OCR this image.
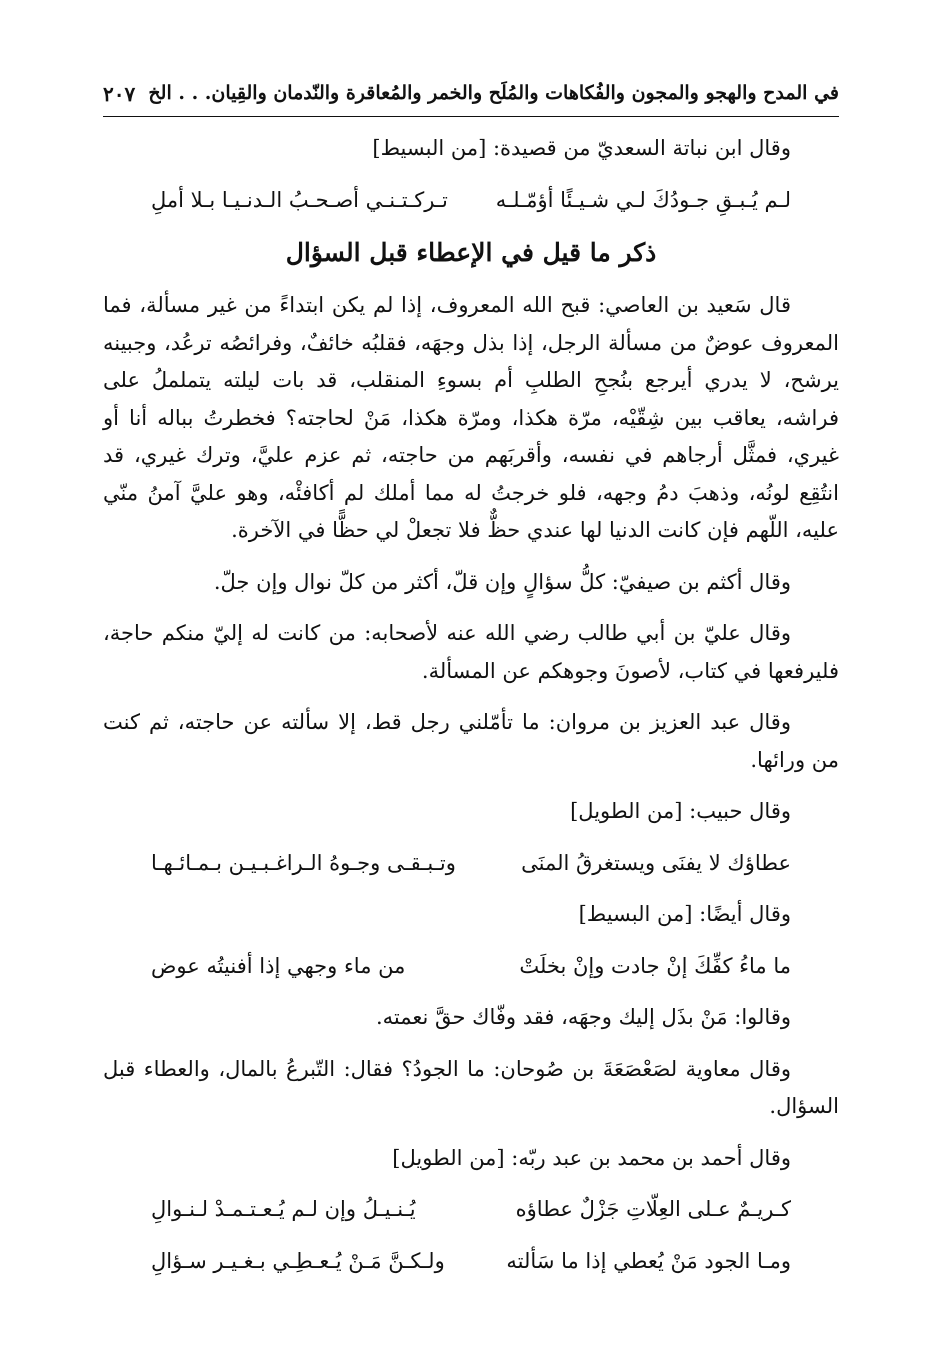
في المدح والهجو والمجون والفُكاهات والمُلَح والخمر والمُعاقرة والنّدمان والقِيان. . . الخ
٢٠٧
وقال ابن نباتة السعديّ من قصيدة: [من البسيط]
لـم يُـبـقِ جـودُكَ لـي شـيـئًا أؤمّـلـه
تـركـتـنـي أصـحـبُ الـدنـيـا بـلا أملِ
ذكر ما قيل في الإعطاء قبل السؤال

قال سَعيد بن العاصي: قبح الله المعروف، إذا لم يكن ابتداءً من غير مسألة، فما المعروف عوضٌ من مسألة الرجل، إذا بذل وجهَه، فقلبُه خائفٌ، وفرائصُه ترعُد، وجبينه يرشح، لا يدري أيرجع بنُجحِ الطلبِ أم بسوءِ المنقلب، قد بات ليلته يتململُ على فراشه، يعاقب بين شِقّيْه، مرّة هكذا، ومرّة هكذا، مَنْ لحاجته؟ فخطرتُ بباله أنا أو غيري، فمثَّل أرجاهم في نفسه، وأقربَهم من حاجته، ثم عزم عليَّ، وترك غيري، قد انتُقِع لونُه، وذهبَ دمُ وجهه، فلو خرجتُ له مما أملك لم أكافئْه، وهو عليَّ آمنُ منّي عليه، اللّهم فإن كانت الدنيا لها عندي حظٌّ فلا تجعلْ لي حظًّا في الآخرة.

وقال أكثم بن صيفيّ: كلُّ سؤالٍ وإن قلّ، أكثر من كلّ نوال وإن جلّ.

وقال عليّ بن أبي طالب رضي الله عنه لأصحابه: من كانت له إليّ منكم حاجة، فليرفعها في كتاب، لأصونَ وجوهكم عن المسألة.

وقال عبد العزيز بن مروان: ما تأمّلني رجل قط، إلا سألته عن حاجته، ثم كنت من ورائها.

وقال حبيب: [من الطويل]
عطاؤك لا يفنَى ويستغرقُ المنَى
وتـبـقـى وجـوهُ الـراغـبـيـن بـمـائـهـا
وقال أيضًا: [من البسيط]
ما ماءُ كفِّكَ إنْ جادت وإنْ بخلَتْ
من ماء وجهي إذا أفنيتُه عوض

وقالوا: مَنْ بذَل إليك وجهَه، فقد وفّاك حقَّ نعمته.

وقال معاوية لصَعْصَعَةَ بن صُوحان: ما الجودُ؟ فقال: التّبرعُ بالمال، والعطاء قبل السؤال.

وقال أحمد بن محمد بن عبد ربّه: [من الطويل]
كـريـمٌ عـلى العِلّاتِ جَزْلٌ عطاؤه
يُـنـيـلُ وإن لـم يُـعـتـمـدْ لـنـوالِ
ومـا الجود مَنْ يُعطي إذا ما سَألته
ولـكـنَّ مَـنْ يُـعـطِـي بـغـيـر سـؤالِ
